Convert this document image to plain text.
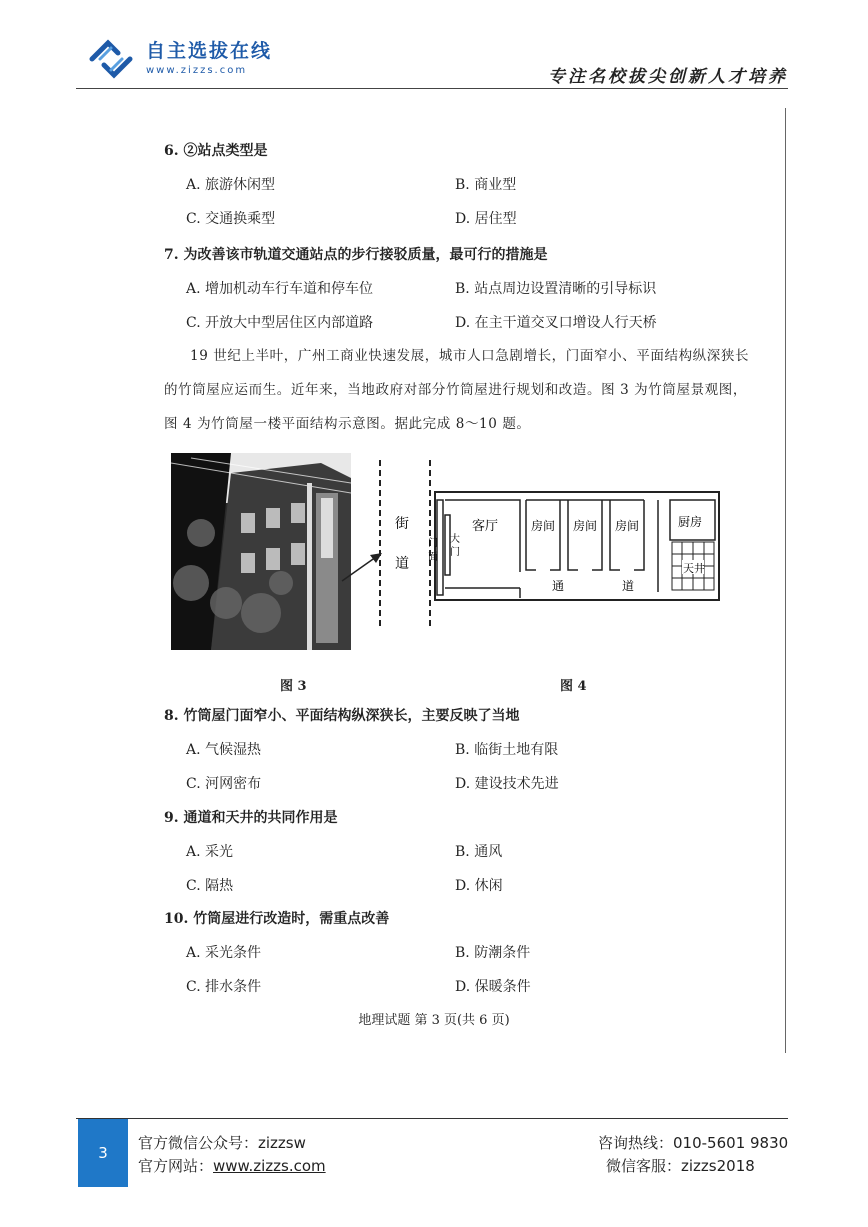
自主选拔在线
www.zizzs.com	专注名校拔尖创新人才培养
6. ②站点类型是
A. 旅游休闲型	B. 商业型
C. 交通换乘型	D. 居住型
7. 为改善该市轨道交通站点的步行接驳质量，最可行的措施是
A. 增加机动车行车道和停车位	B. 站点周边设置清晰的引导标识
C. 开放大中型居住区内部道路	D. 在主干道交叉口增设人行天桥
19 世纪上半叶，广州工商业快速发展，城市人口急剧增长，门面窄小、平面结构纵深狭长
的竹筒屋应运而生。近年来，当地政府对部分竹筒屋进行规划和改造。图 3 为竹筒屋景观图，
图 4 为竹筒屋一楼平面结构示意图。据此完成 8～10 题。
街
道
门
面
大
门
客厅	房间 房间 房间	厨房
天井
通	道
图 3	图 4
8. 竹筒屋门面窄小、平面结构纵深狭长，主要反映了当地
A. 气候湿热	B. 临街土地有限
C. 河网密布	D. 建设技术先进
9. 通道和天井的共同作用是
A. 采光	B. 通风
C. 隔热	D. 休闲
10. 竹筒屋进行改造时，需重点改善
A. 采光条件	B. 防潮条件
C. 排水条件	D. 保暖条件
地理试题 第 3 页(共 6 页)
3
官方微信公众号：zizzsw
官方网站：www.zizzs.com
咨询热线：010-5601 9830
微信客服：zizzs2018
